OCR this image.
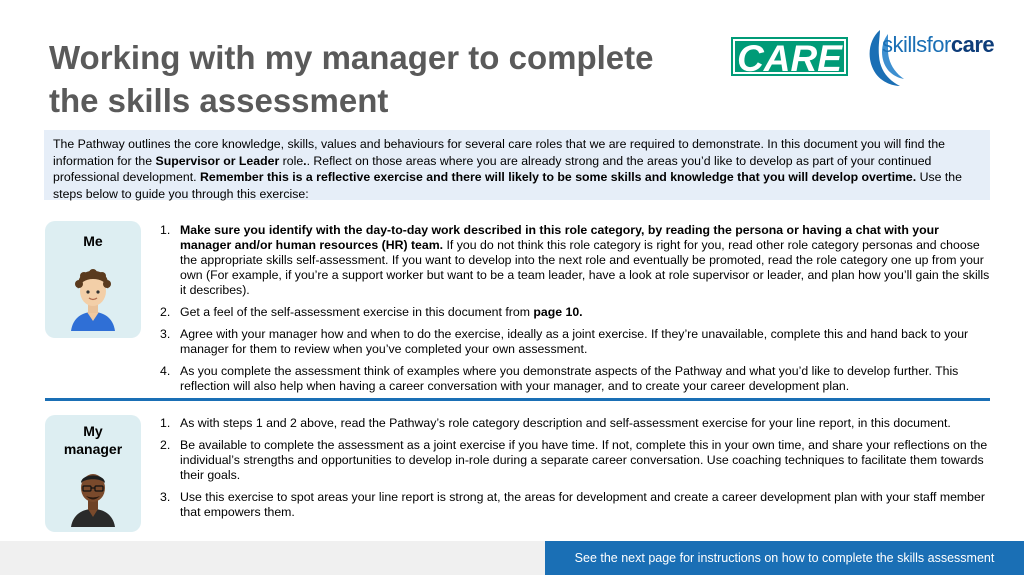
Working with my manager to complete the skills assessment
CARE skillsforcare
The Pathway outlines the core knowledge, skills, values and behaviours for several care roles that we are required to demonstrate. In this document you will find the information for the Supervisor or Leader role.. Reflect on those areas where you are already strong and the areas you’d like to develop as part of your continued professional development. Remember this is a reflective exercise and there will likely to be some skills and knowledge that you will develop overtime. Use the steps below to guide you through this exercise:
Me
1. Make sure you identify with the day-to-day work described in this role category, by reading the persona or having a chat with your manager and/or human resources (HR) team. If you do not think this role category is right for you, read other role category personas and choose the appropriate skills self-assessment. If you want to develop into the next role and eventually be promoted, read the role category one up from your own (For example, if you’re a support worker but want to be a team leader, have a look at role supervisor or leader, and plan how you’ll gain the skills it describes).
2. Get a feel of the self-assessment exercise in this document from page 10.
3. Agree with your manager how and when to do the exercise, ideally as a joint exercise. If they’re unavailable, complete this and hand back to your manager for them to review when you’ve completed your own assessment.
4. As you complete the assessment think of examples where you demonstrate aspects of the Pathway and what you’d like to develop further. This reflection will also help when having a career conversation with your manager, and to create your career development plan.
My
manager
1. As with steps 1 and 2 above, read the Pathway’s role category description and self-assessment exercise for your line report, in this document.
2. Be available to complete the assessment as a joint exercise if you have time. If not, complete this in your own time, and share your reflections on the individual’s strengths and opportunities to develop in-role during a separate career conversation. Use coaching techniques to facilitate them towards their goals.
3. Use this exercise to spot areas your line report is strong at, the areas for development and create a career development plan with your staff member that empowers them.
See the next page for instructions on how to complete the skills assessment
